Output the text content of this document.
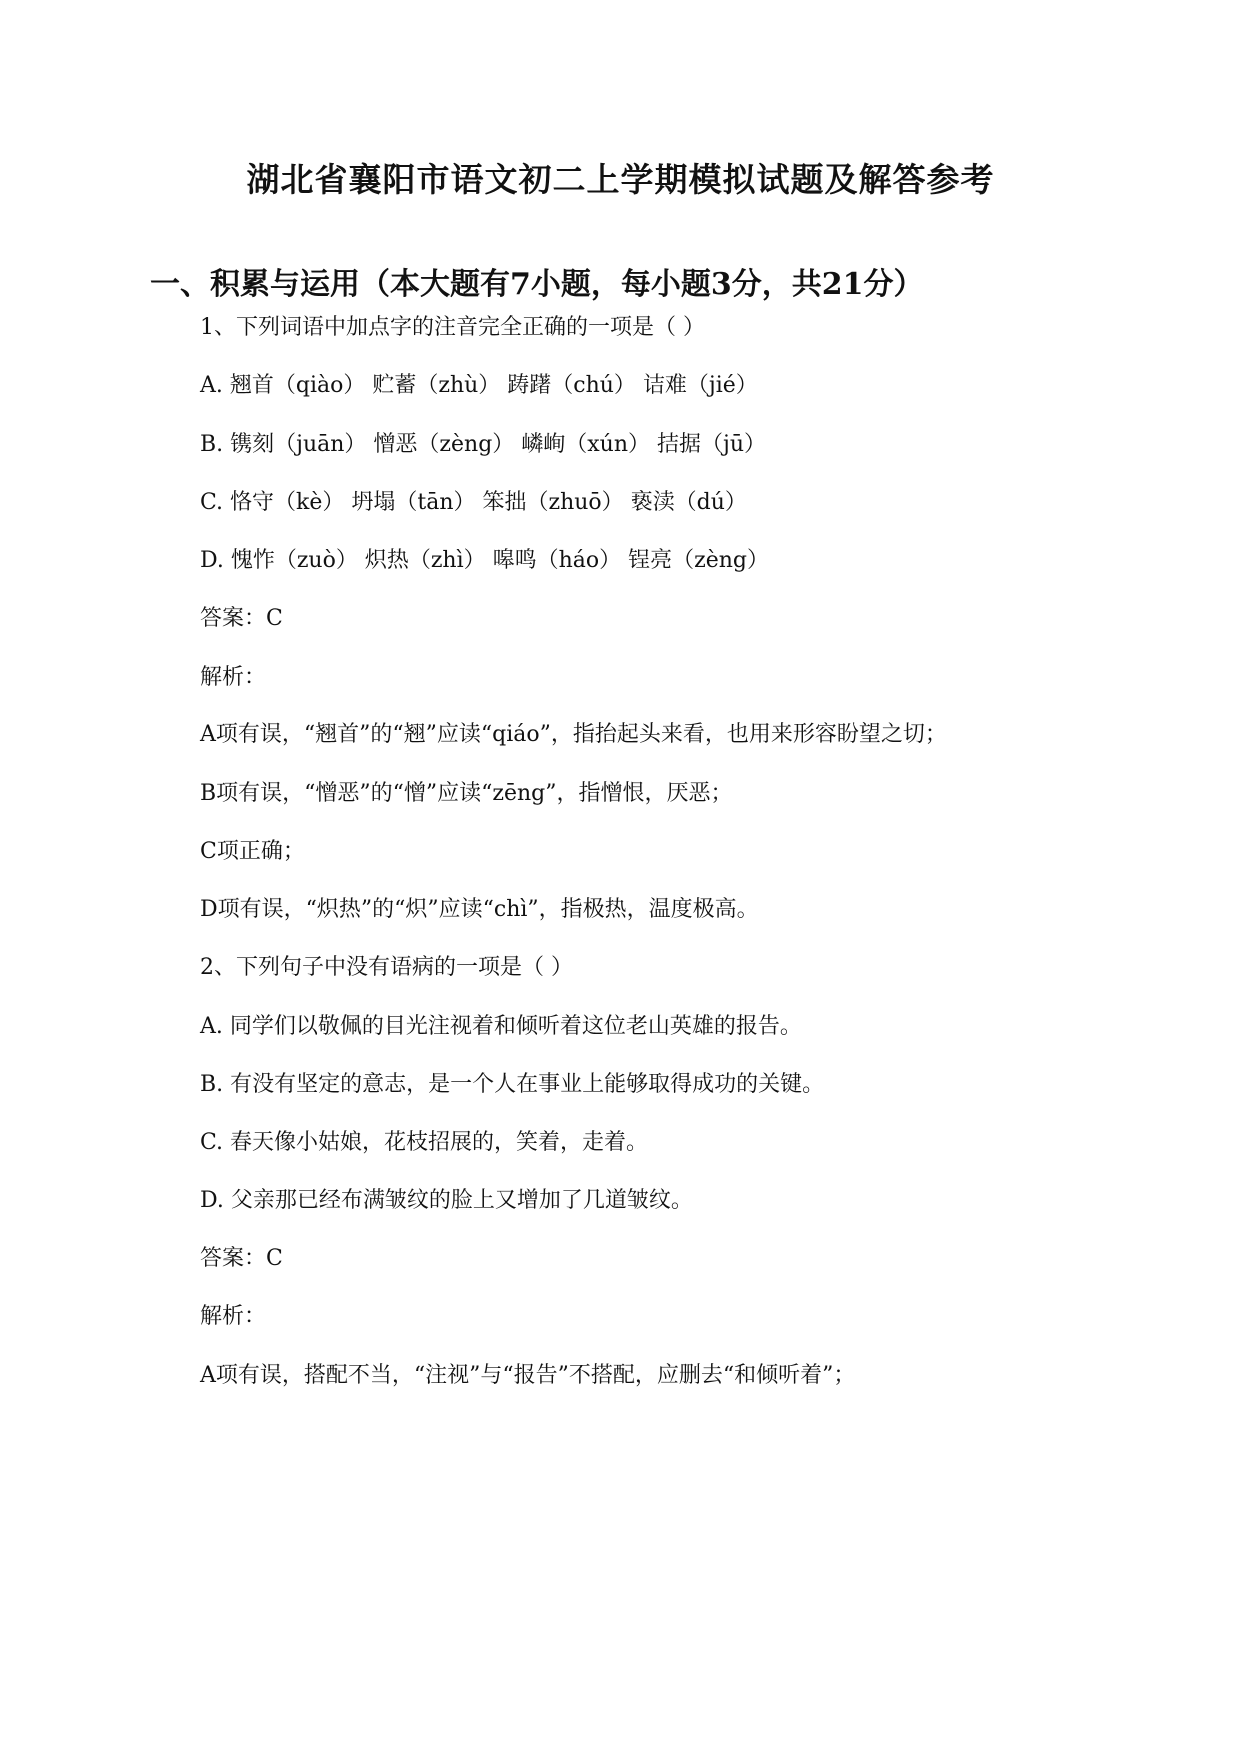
湖北省襄阳市语文初二上学期模拟试题及解答参考
一、积累与运用（本大题有7小题，每小题3分，共21分）
1、下列词语中加点字的注音完全正确的一项是（ ）
A. 翘首（qiào） 贮蓄（zhù） 踌躇（chú） 诘难（jié）
B. 镌刻（juān） 憎恶（zèng） 嶙峋（xún） 拮据（jū）
C. 恪守（kè） 坍塌（tān） 笨拙（zhuō） 亵渎（dú）
D. 愧怍（zuò） 炽热（zhì） 嗥鸣（háo） 锃亮（zèng）
答案：C
解析：
A项有误，“翘首”的“翘”应读“qiáo”，指抬起头来看，也用来形容盼望之切；
B项有误，“憎恶”的“憎”应读“zēng”，指憎恨，厌恶；
C项正确；
D项有误，“炽热”的“炽”应读“chì”，指极热，温度极高。
2、下列句子中没有语病的一项是（ ）
A. 同学们以敬佩的目光注视着和倾听着这位老山英雄的报告。
B. 有没有坚定的意志，是一个人在事业上能够取得成功的关键。
C. 春天像小姑娘，花枝招展的，笑着，走着。
D. 父亲那已经布满皱纹的脸上又增加了几道皱纹。
答案：C
解析：
A项有误，搭配不当，“注视”与“报告”不搭配，应删去“和倾听着”；
